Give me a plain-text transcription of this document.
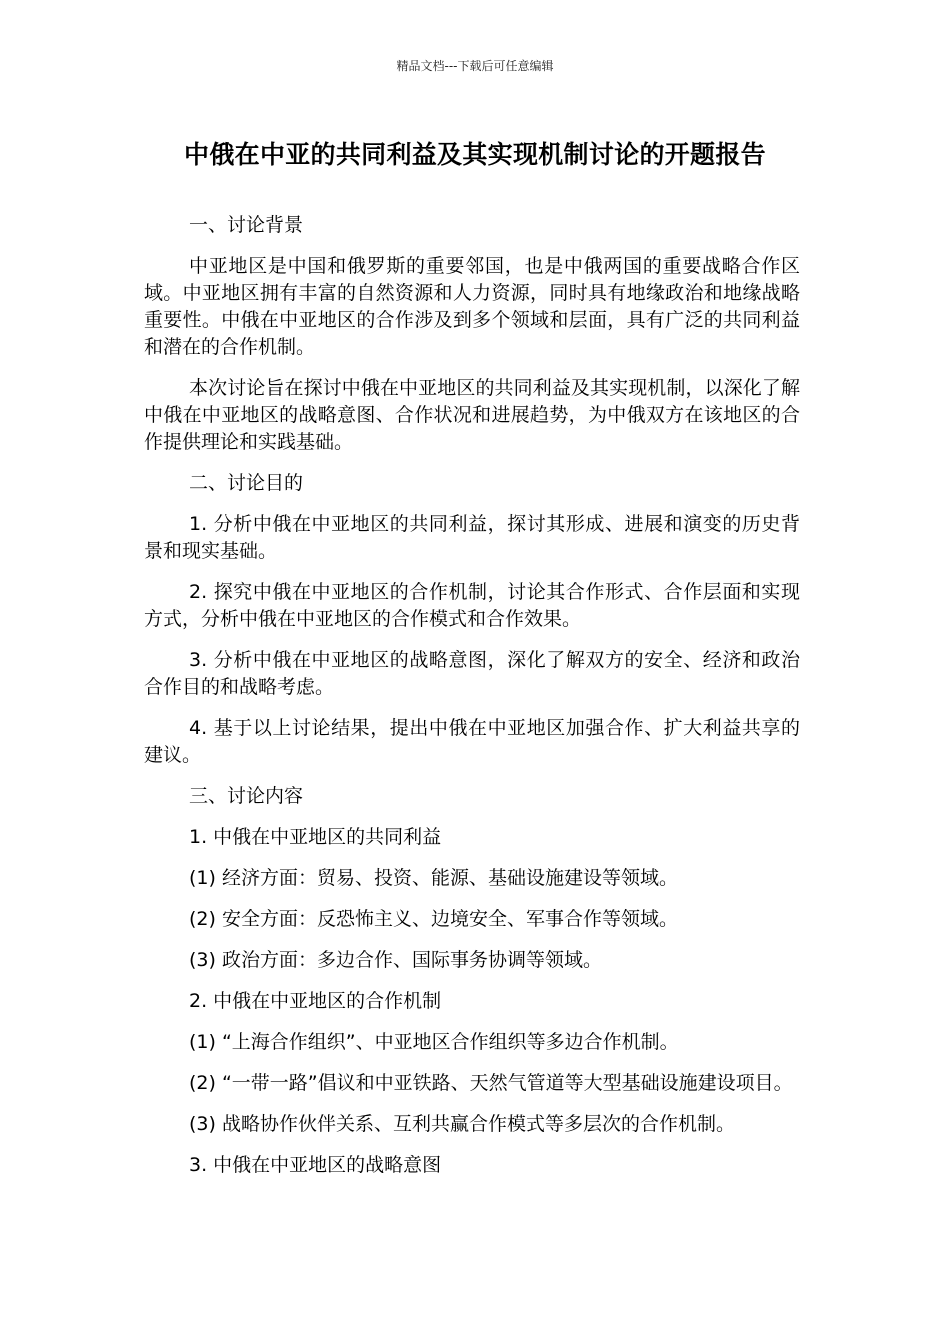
精品文档---下载后可任意编辑
中俄在中亚的共同利益及其实现机制讨论的开题报告

一、讨论背景

中亚地区是中国和俄罗斯的重要邻国，也是中俄两国的重要战略合作区域。中亚地区拥有丰富的自然资源和人力资源，同时具有地缘政治和地缘战略重要性。中俄在中亚地区的合作涉及到多个领域和层面，具有广泛的共同利益和潜在的合作机制。

本次讨论旨在探讨中俄在中亚地区的共同利益及其实现机制，以深化了解中俄在中亚地区的战略意图、合作状况和进展趋势，为中俄双方在该地区的合作提供理论和实践基础。

二、讨论目的

1. 分析中俄在中亚地区的共同利益，探讨其形成、进展和演变的历史背景和现实基础。

2. 探究中俄在中亚地区的合作机制，讨论其合作形式、合作层面和实现方式，分析中俄在中亚地区的合作模式和合作效果。

3. 分析中俄在中亚地区的战略意图，深化了解双方的安全、经济和政治合作目的和战略考虑。

4. 基于以上讨论结果，提出中俄在中亚地区加强合作、扩大利益共享的建议。

三、讨论内容

1. 中俄在中亚地区的共同利益

(1) 经济方面：贸易、投资、能源、基础设施建设等领域。

(2) 安全方面：反恐怖主义、边境安全、军事合作等领域。

(3) 政治方面：多边合作、国际事务协调等领域。

2. 中俄在中亚地区的合作机制

(1) “上海合作组织”、中亚地区合作组织等多边合作机制。

(2) “一带一路”倡议和中亚铁路、天然气管道等大型基础设施建设项目。

(3) 战略协作伙伴关系、互利共赢合作模式等多层次的合作机制。

3. 中俄在中亚地区的战略意图
